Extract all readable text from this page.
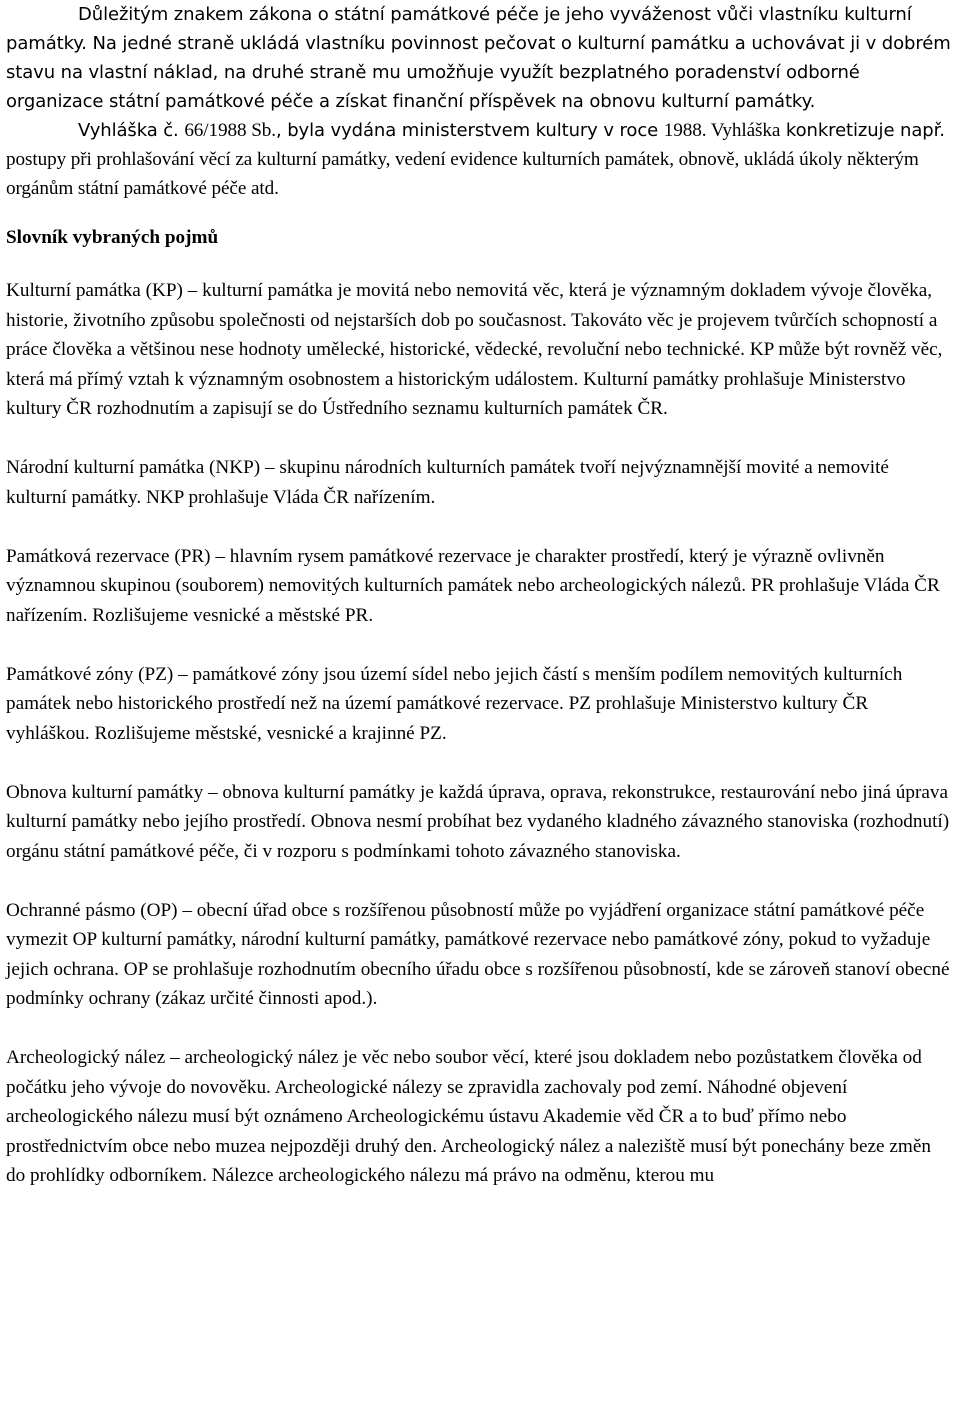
Důležitým znakem zákona o státní památkové péče je jeho vyváženost vůči vlastníku kulturní památky. Na jedné straně ukládá vlastníku povinnost pečovat o kulturní památku a uchovávat ji v dobrém stavu na vlastní náklad, na druhé straně mu umožňuje využít bezplatného poradenství odborné organizace státní památkové péče a získat finanční příspěvek na obnovu kulturní památky.

Vyhláška č. 66/1988 Sb., byla vydána ministerstvem kultury v roce 1988. Vyhláška konkretizuje např. postupy při prohlašování věcí za kulturní památky, vedení evidence kulturních památek, obnově, ukládá úkoly některým orgánům státní památkové péče atd.

Slovník vybraných pojmů

Kulturní památka (KP) – kulturní památka je movitá nebo nemovitá věc, která je významným dokladem vývoje člověka, historie, životního způsobu společnosti od nejstarších dob po současnost. Takováto věc je projevem tvůrčích schopností a práce člověka a většinou nese hodnoty umělecké, historické, vědecké, revoluční nebo technické. KP může být rovněž věc, která má přímý vztah k významným osobnostem a historickým událostem. Kulturní památky prohlašuje Ministerstvo kultury ČR rozhodnutím a zapisují se do Ústředního seznamu kulturních památek ČR.

Národní kulturní památka (NKP) – skupinu národních kulturních památek tvoří nejvýznamnější movité a nemovité kulturní památky. NKP prohlašuje Vláda ČR nařízením.

Památková rezervace (PR) – hlavním rysem památkové rezervace je charakter prostředí, který je výrazně ovlivněn významnou skupinou (souborem) nemovitých kulturních památek nebo archeologických nálezů. PR prohlašuje Vláda ČR nařízením. Rozlišujeme vesnické a městské PR.

Památkové zóny (PZ) – památkové zóny jsou území sídel nebo jejich částí s menším podílem nemovitých kulturních památek nebo historického prostředí než na území památkové rezervace. PZ prohlašuje Ministerstvo kultury ČR vyhláškou. Rozlišujeme městské, vesnické a krajinné PZ.

Obnova kulturní památky – obnova kulturní památky je každá úprava, oprava, rekonstrukce, restaurování nebo jiná úprava kulturní památky nebo jejího prostředí. Obnova nesmí probíhat bez vydaného kladného závazného stanoviska (rozhodnutí) orgánu státní památkové péče, či v rozporu s podmínkami tohoto závazného stanoviska.

Ochranné pásmo (OP) – obecní úřad obce s rozšířenou působností může po vyjádření organizace státní památkové péče vymezit OP kulturní památky, národní kulturní památky, památkové rezervace nebo památkové zóny, pokud to vyžaduje jejich ochrana. OP se prohlašuje rozhodnutím obecního úřadu obce s rozšířenou působností, kde se zároveň stanoví obecné podmínky ochrany (zákaz určité činnosti apod.).

Archeologický nález – archeologický nález je věc nebo soubor věcí, které jsou dokladem nebo pozůstatkem člověka od počátku jeho vývoje do novověku. Archeologické nálezy se zpravidla zachovaly pod zemí. Náhodné objevení archeologického nálezu musí být oznámeno Archeologickému ústavu Akademie věd ČR a to buď přímo nebo prostřednictvím obce nebo muzea nejpozději druhý den. Archeologický nález a naleziště musí být ponechány beze změn do prohlídky odborníkem. Nálezce archeologického nálezu má právo na odměnu, kterou mu
